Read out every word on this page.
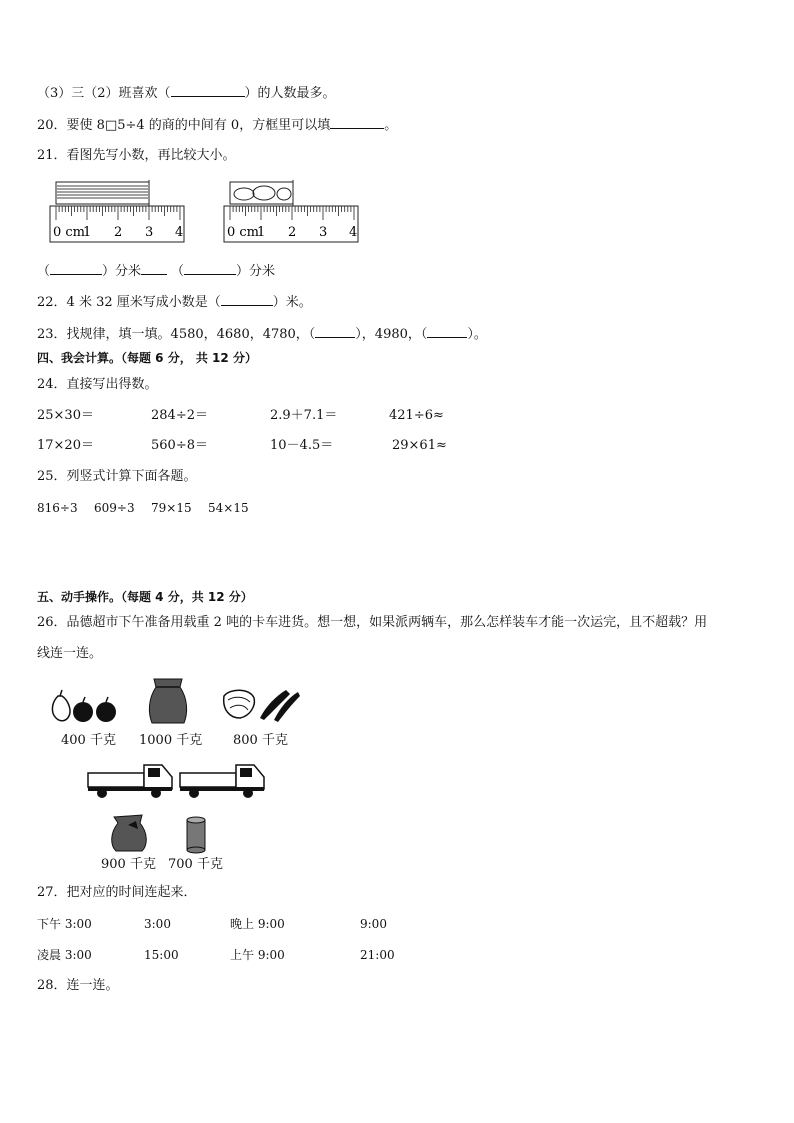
（3）三（2）班喜欢（	）的人数最多。
20．要使 8□5÷4 的商的中间有 0，方框里可以填	。
21．看图先写小数，再比较大小。
0 cm
1 2 3 4	0 cm
1 2 3 4
（	）分米 （	）分米
22．4 米 32 厘米写成小数是（	）米。
23．找规律，填一填。4580，4680，4780，（	），4980，（	）。
四、我会计算。（每题 6 分， 共 12 分）
24．直接写出得数。
25×30＝	284÷2＝	2.9＋7.1＝	421÷6≈
17×20＝	560÷8＝	10－4.5＝	29×61≈
25．列竖式计算下面各题。
816÷3 609÷3 79×15 54×15
五、动手操作。（每题 4 分，共 12 分）
26．品德超市下午准备用载重 2 吨的卡车进货。想一想，如果派两辆车，那么怎样装车才能一次运完，且不超载？用
线连一连。
400 千克 1000 千克 800 千克
900 千克 700 千克
27．把对应的时间连起来．
下午 3:00	3:00	晚上 9:00	9:00
凌晨 3:00	15:00	上午 9:00	21:00
28．连一连。
